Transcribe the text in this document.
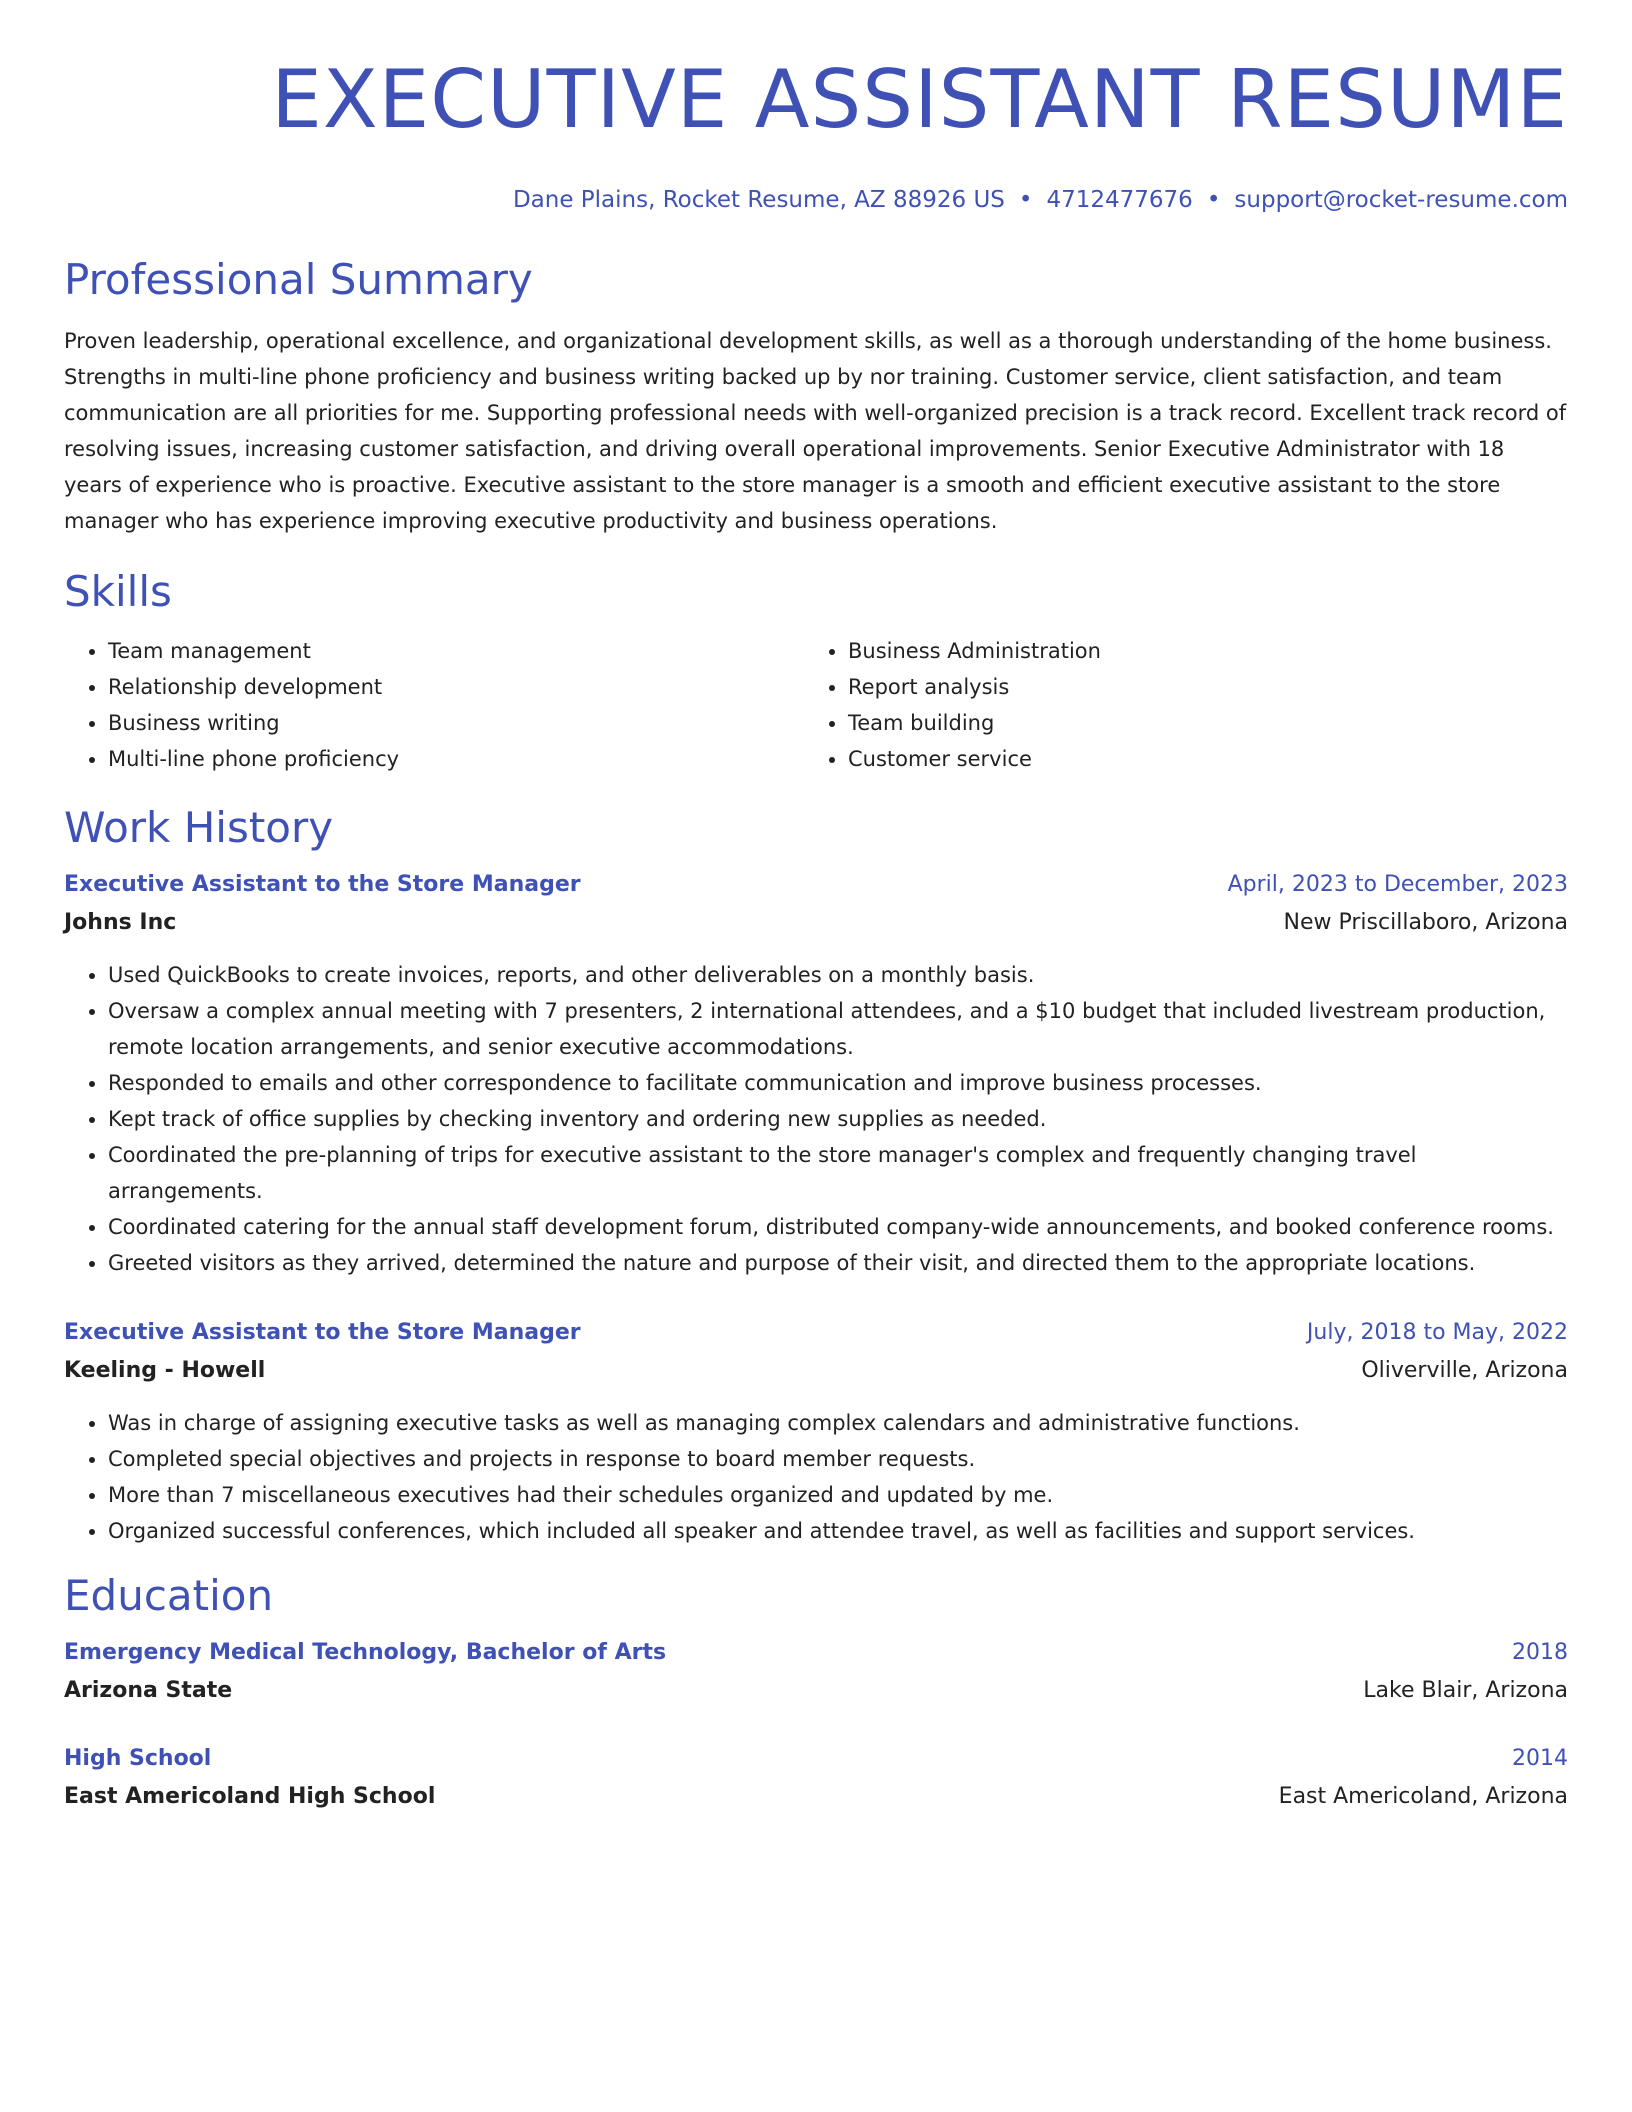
EXECUTIVE ASSISTANT RESUME
Dane Plains, Rocket Resume, AZ 88926 US • 4712477676 • support@rocket-resume.com
Professional Summary
Proven leadership, operational excellence, and organizational development skills, as well as a thorough understanding of the home business. Strengths in multi-line phone proficiency and business writing backed up by nor training. Customer service, client satisfaction, and team communication are all priorities for me. Supporting professional needs with well-organized precision is a track record. Excellent track record of resolving issues, increasing customer satisfaction, and driving overall operational improvements. Senior Executive Administrator with 18 years of experience who is proactive. Executive assistant to the store manager is a smooth and efficient executive assistant to the store manager who has experience improving executive productivity and business operations.
Skills
• Team management
• Relationship development
• Business writing
• Multi-line phone proficiency
• Business Administration
• Report analysis
• Team building
• Customer service
Work History
Executive Assistant to the Store Manager	April, 2023 to December, 2023
Johns Inc	New Priscillaboro, Arizona
• Used QuickBooks to create invoices, reports, and other deliverables on a monthly basis.
• Oversaw a complex annual meeting with 7 presenters, 2 international attendees, and a $10 budget that included livestream production, remote location arrangements, and senior executive accommodations.
• Responded to emails and other correspondence to facilitate communication and improve business processes.
• Kept track of office supplies by checking inventory and ordering new supplies as needed.
• Coordinated the pre-planning of trips for executive assistant to the store manager's complex and frequently changing travel arrangements.
• Coordinated catering for the annual staff development forum, distributed company-wide announcements, and booked conference rooms.
• Greeted visitors as they arrived, determined the nature and purpose of their visit, and directed them to the appropriate locations.
Executive Assistant to the Store Manager	July, 2018 to May, 2022
Keeling - Howell	Oliverville, Arizona
• Was in charge of assigning executive tasks as well as managing complex calendars and administrative functions.
• Completed special objectives and projects in response to board member requests.
• More than 7 miscellaneous executives had their schedules organized and updated by me.
• Organized successful conferences, which included all speaker and attendee travel, as well as facilities and support services.
Education
Emergency Medical Technology, Bachelor of Arts	2018
Arizona State	Lake Blair, Arizona
High School	2014
East Americoland High School	East Americoland, Arizona
